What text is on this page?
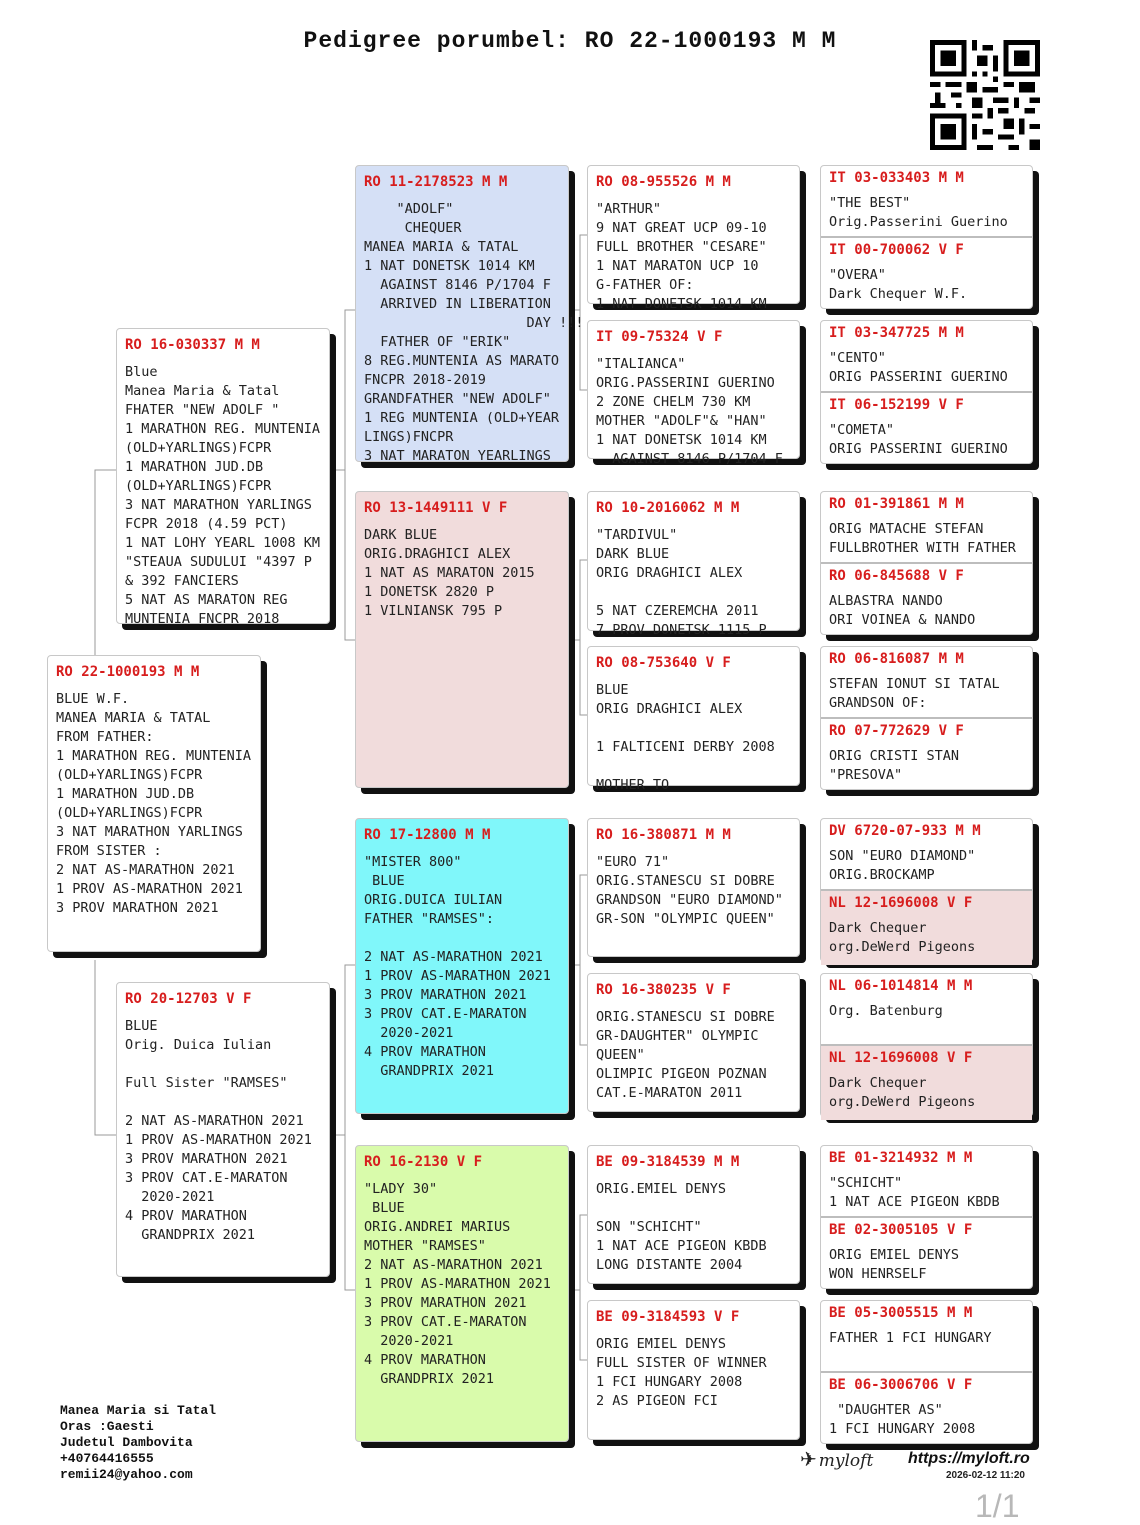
Pedigree porumbel: RO 22-1000193 M M
RO 22-1000193 M M
BLUE W.F.
MANEA MARIA & TATAL
FROM FATHER:
1 MARATHON REG. MUNTENIA
(OLD+YARLINGS)FCPR
1 MARATHON JUD.DB
(OLD+YARLINGS)FCPR
3 NAT MARATHON YARLINGS
FROM SISTER :
2 NAT AS-MARATHON 2021
1 PROV AS-MARATHON 2021
3 PROV MARATHON 2021
RO 16-030337 M M
Blue
Manea Maria & Tatal
FHATER "NEW ADOLF "
1 MARATHON REG. MUNTENIA
(OLD+YARLINGS)FCPR
1 MARATHON JUD.DB
(OLD+YARLINGS)FCPR
3 NAT MARATHON YARLINGS
FCPR 2018 (4.59 PCT)
1 NAT LOHY YEARL 1008 KM
"STEAUA SUDULUI "4397 P
& 392 FANCIERS
5 NAT AS MARATON REG
MUNTENIA FNCPR 2018
RO 20-12703 V F
BLUE
Orig. Duica Iulian

Full Sister "RAMSES"

2 NAT AS-MARATHON 2021
1 PROV AS-MARATHON 2021
3 PROV MARATHON 2021
3 PROV CAT.E-MARATON
2020-2021
4 PROV MARATHON
GRANDPRIX 2021
RO 11-2178523 M M
"ADOLF"
CHEQUER
MANEA MARIA & TATAL
1 NAT DONETSK 1014 KM
AGAINST 8146 P/1704 F
ARRIVED IN LIBERATION
DAY !!!
FATHER OF "ERIK"
8 REG.MUNTENIA AS MARATO
FNCPR 2018-2019
GRANDFATHER "NEW ADOLF"
1 REG MUNTENIA (OLD+YEAR
LINGS)FNCPR
3 NAT MARATON YEARLINGS
RO 13-1449111 V F
DARK BLUE
ORIG.DRAGHICI ALEX
1 NAT AS MARATON 2015
1 DONETSK 2820 P
1 VILNIANSK 795 P
RO 17-12800 M M
"MISTER 800"
BLUE
ORIG.DUICA IULIAN
FATHER "RAMSES":

2 NAT AS-MARATHON 2021
1 PROV AS-MARATHON 2021
3 PROV MARATHON 2021
3 PROV CAT.E-MARATON
2020-2021
4 PROV MARATHON
GRANDPRIX 2021
RO 16-2130 V F
"LADY 30"
BLUE
ORIG.ANDREI MARIUS
MOTHER "RAMSES"
2 NAT AS-MARATHON 2021
1 PROV AS-MARATHON 2021
3 PROV MARATHON 2021
3 PROV CAT.E-MARATON
2020-2021
4 PROV MARATHON
GRANDPRIX 2021
RO 08-955526 M M
"ARTHUR"
9 NAT GREAT UCP 09-10
FULL BROTHER "CESARE"
1 NAT MARATON UCP 10
G-FATHER OF:
1 NAT DONETSK 1014 KM
IT 09-75324 V F
"ITALIANCA"
ORIG.PASSERINI GUERINO
2 ZONE CHELM 730 KM
MOTHER "ADOLF"& "HAN"
1 NAT DONETSK 1014 KM
AGAINST 8146 P/1704 F
RO 10-2016062 M M
"TARDIVUL"
DARK BLUE
ORIG DRAGHICI ALEX

5 NAT CZEREMCHA 2011
7 PROV DONETSK 1115 P
RO 08-753640 V F
BLUE
ORIG DRAGHICI ALEX

1 FALTICENI DERBY 2008

MOTHER TO
RO 16-380871 M M
"EURO 71"
ORIG.STANESCU SI DOBRE
GRANDSON "EURO DIAMOND"
GR-SON "OLYMPIC QUEEN"
RO 16-380235 V F
ORIG.STANESCU SI DOBRE
GR-DAUGHTER" OLYMPIC
QUEEN"
OLIMPIC PIGEON POZNAN
CAT.E-MARATON 2011
BE 09-3184539 M M
ORIG.EMIEL DENYS

SON "SCHICHT"
1 NAT ACE PIGEON KBDB
LONG DISTANTE 2004
BE 09-3184593 V F
ORIG EMIEL DENYS
FULL SISTER OF WINNER
1 FCI HUNGARY 2008
2 AS PIGEON FCI
IT 03-033403 M M
"THE BEST"
Orig.Passerini Guerino
IT 00-700062 V F
"OVERA"
Dark Chequer W.F.
IT 03-347725 M M
"CENTO"
ORIG PASSERINI GUERINO
IT 06-152199 V F
"COMETA"
ORIG PASSERINI GUERINO
RO 01-391861 M M
ORIG MATACHE STEFAN
FULLBROTHER WITH FATHER
RO 06-845688 V F
ALBASTRA NANDO
ORI VOINEA & NANDO
RO 06-816087 M M
STEFAN IONUT SI TATAL
GRANDSON OF:
RO 07-772629 V F
ORIG CRISTI STAN
"PRESOVA"
DV 6720-07-933 M M
SON "EURO DIAMOND"
ORIG.BROCKAMP
NL 12-1696008 V F
Dark Chequer
org.DeWerd Pigeons
NL 06-1014814 M M
Org. Batenburg
NL 12-1696008 V F
Dark Chequer
org.DeWerd Pigeons
BE 01-3214932 M M
"SCHICHT"
1 NAT ACE PIGEON KBDB
BE 02-3005105 V F
ORIG EMIEL DENYS
WON HENRSELF
BE 05-3005515 M M
FATHER 1 FCI HUNGARY
BE 06-3006706 V F
"DAUGHTER AS"
1 FCI HUNGARY 2008
Manea Maria si Tatal
Oras :Gaesti
Judetul Dambovita
+40764416555
remii24@yahoo.com
✈ myloft https://myloft.ro
2026-02-12 11:20
1/1
